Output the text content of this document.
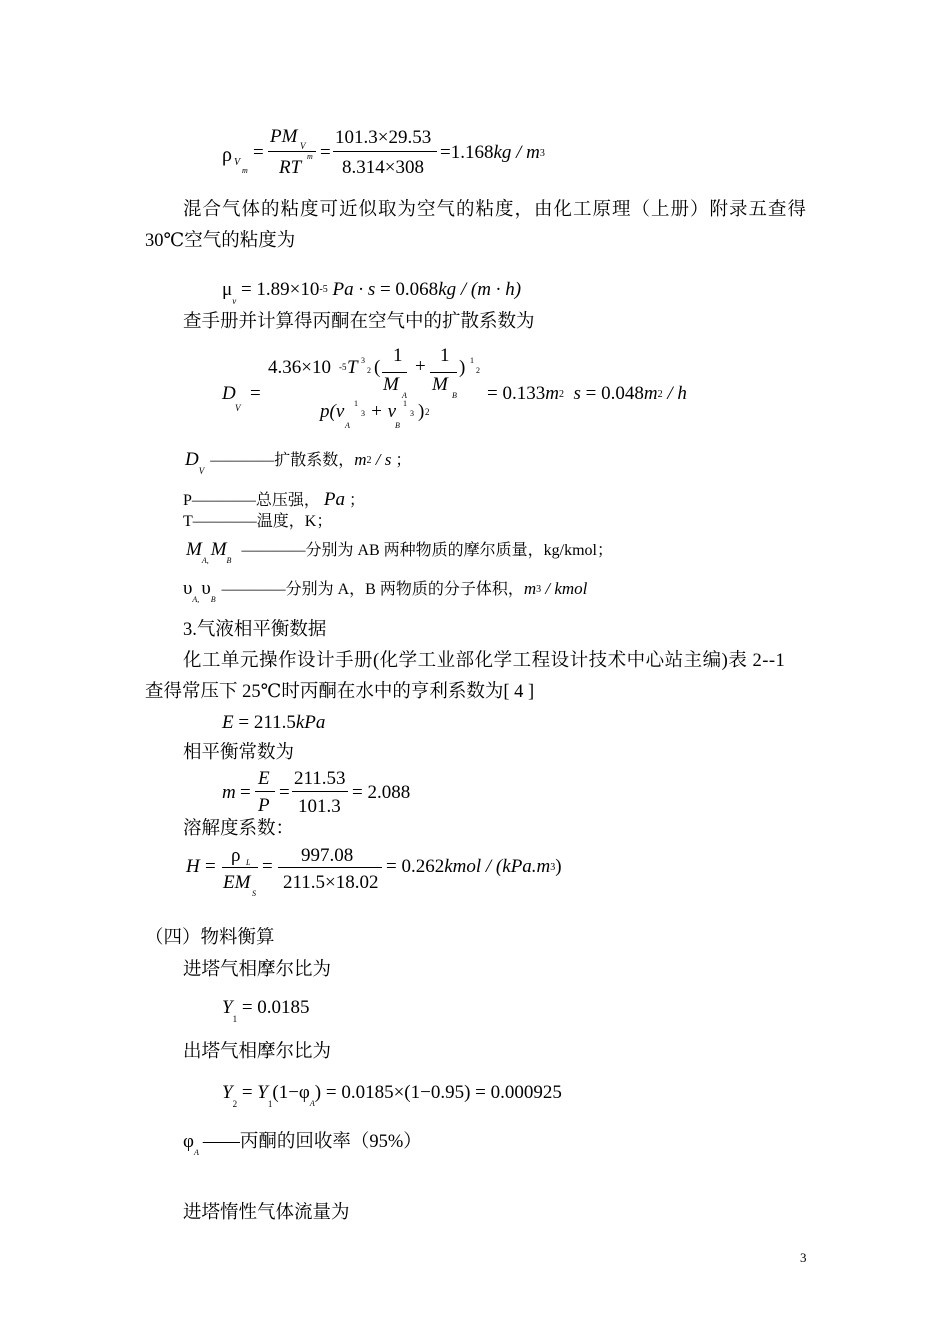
ρ V
m
=
PM V
RT
m =
101.3×29.53
8.314×308
=1.168kg / m3
混合气体的粘度可近似取为空气的粘度，由化工原理（上册）附录五查得
30℃空气的粘度为
$\mu_v = 1.89\times 10-5$ Pa · s = 0.068kg / (m · h)
查手册并计算得丙酮在空气中的扩散系数为
D
V
=
4.36×10 -5 T 3
2 (
1
M
A
+
1
M
B
) 1
2
p(v
A
1
3 + v
B
1
3 ) 2
= 0.133m2  s = 0.048m2 / h
$D_V————$扩散系数，m2 / s ；
P————总压强， Pa ；
T————温度，K；
$M_{A,}M_B————$分别为 AB 两种物质的摩尔质量，kg/kmol；
$\upsilon_{A,}\upsilon_B————$分别为 A，B 两物质的分子体积，m3 / kmol
3.气液相平衡数据
化工单元操作设计手册(化学工业部化学工程设计技术中心站主编)表 2--1
查得常压下 25℃时丙酮在水中的亨利系数为[ 4 ]
E = 211.5kPa
相平衡常数为
m =
E
P
=
211.53
101.3
= 2.088
溶解度系数：
H =
ρ L
EM
S
=
997.08
211.5×18.02
= 0.262kmol / (kPa.m3)
（四）物料衡算
进塔气相摩尔比为
$Y_1 = 0.0185$
出塔气相摩尔比为
$Y_2 = Y_1(1-\varphi_A) = 0.0185\times(1-0.95) = 0.000925$
$\varphi_A——$丙酮的回收率（95%）
进塔惰性气体流量为
3
